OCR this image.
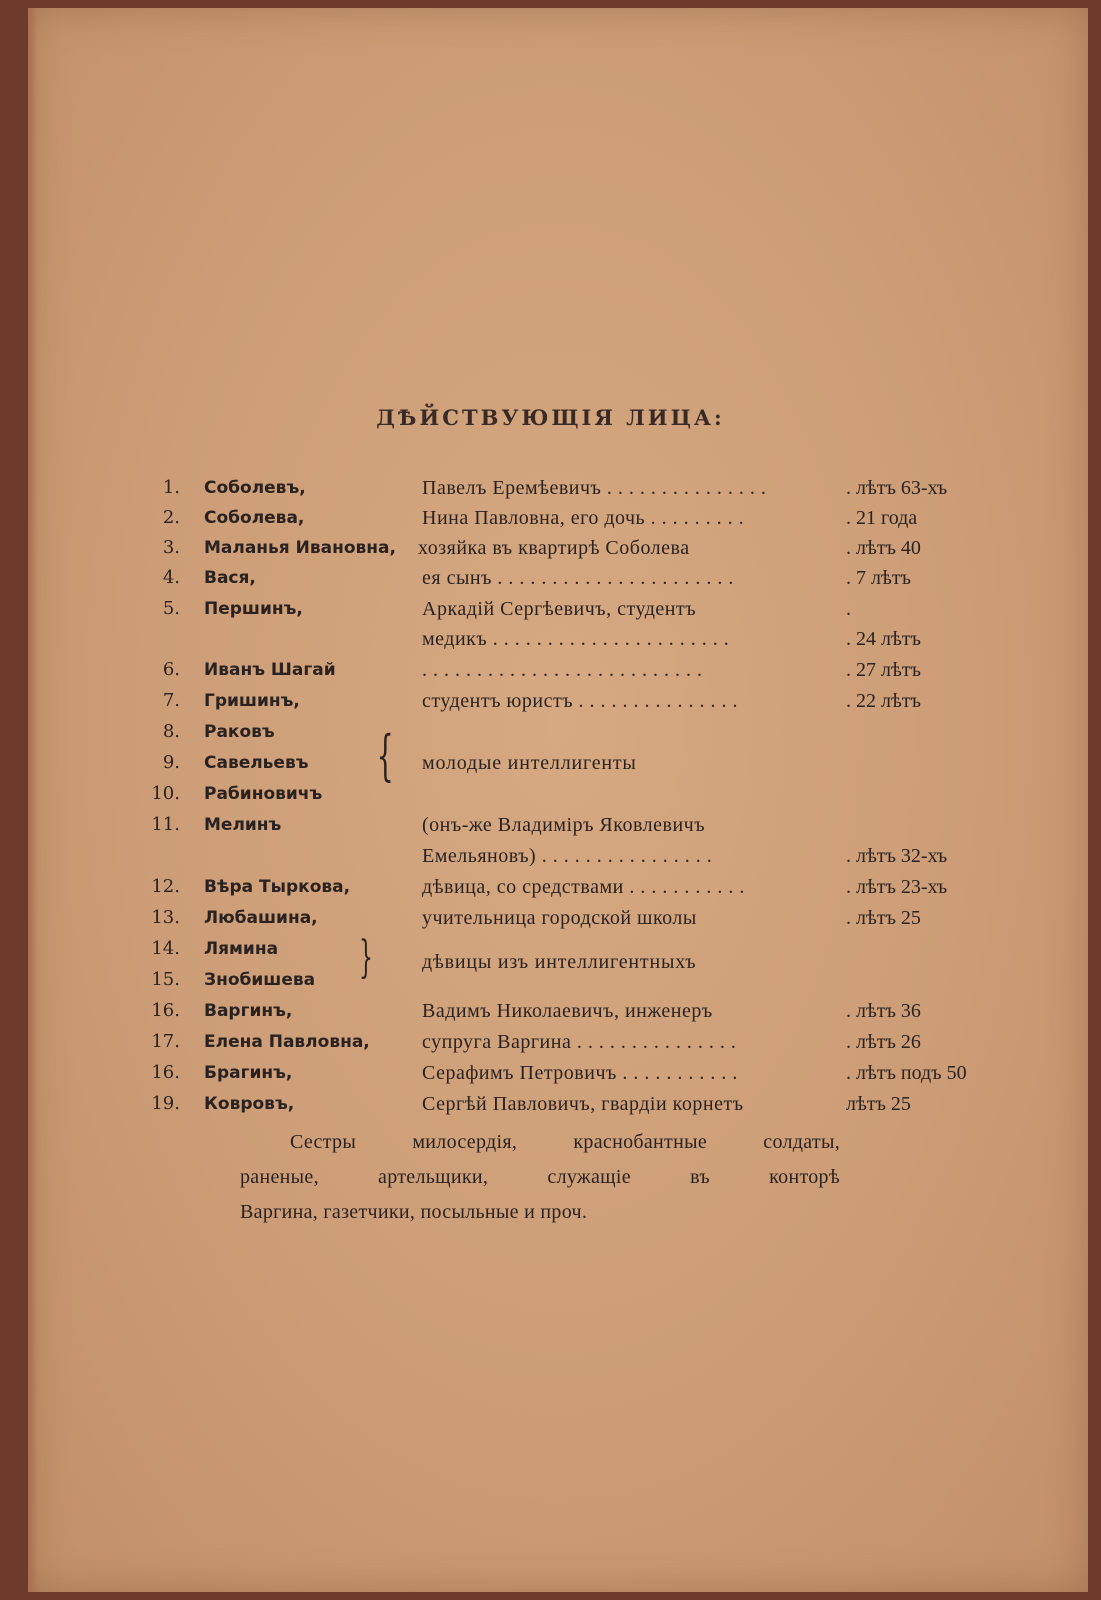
ДѢЙСТВУЮЩІЯ ЛИЦА:
1. Соболевъ,	Павелъ Еремѣевичъ . . . . . . . . . . . . . . .	. лѣтъ 63-хъ
2. Соболева,	Нина Павловна, его дочь . . . . . . . . .	. 21 года
3. Маланья Ивановна, хозяйка въ квартирѣ Соболева	. лѣтъ 40
4. Вася,	ея сынъ . . . . . . . . . . . . . . . . . . . . . .	. 7 лѣтъ
5. Першинъ,	Аркадій Сергѣевичъ, студентъ	.
медикъ . . . . . . . . . . . . . . . . . . . . . .	. 24 лѣтъ
6. Иванъ Шагай	. . . . . . . . . . . . . . . . . . . . . . . . . .	. 27 лѣтъ
7. Гришинъ,	студентъ юристъ . . . . . . . . . . . . . . .	. 22 лѣтъ
8. Раковъ
9. Савельевъ
10. Рабиновичъ
{ молодые интеллигенты
11. Мелинъ	(онъ-же Владиміръ Яковлевичъ
Емельяновъ) . . . . . . . . . . . . . . . .	. лѣтъ 32-хъ
12. Вѣра Тыркова,	дѣвица, со средствами . . . . . . . . . . .	. лѣтъ 23-хъ
13. Любашина,	учительница городской школы	. лѣтъ 25
14. Лямина
15. Знобишева } дѣвицы изъ интеллигентныхъ
16. Варгинъ,	Вадимъ Николаевичъ, инженеръ	. лѣтъ 36
17. Елена Павловна,	супруга Варгина . . . . . . . . . . . . . . .	. лѣтъ 26
16. Брагинъ,	Серафимъ Петровичъ . . . . . . . . . . .	. лѣтъ подъ 50
19. Ковровъ,	Сергѣй Павловичъ, гвардіи корнетъ	лѣтъ 25
Сестры милосердія, краснобантные солдаты,
раненые, артельщики, служащіе въ конторѣ
Варгина, газетчики, посыльные и проч.
